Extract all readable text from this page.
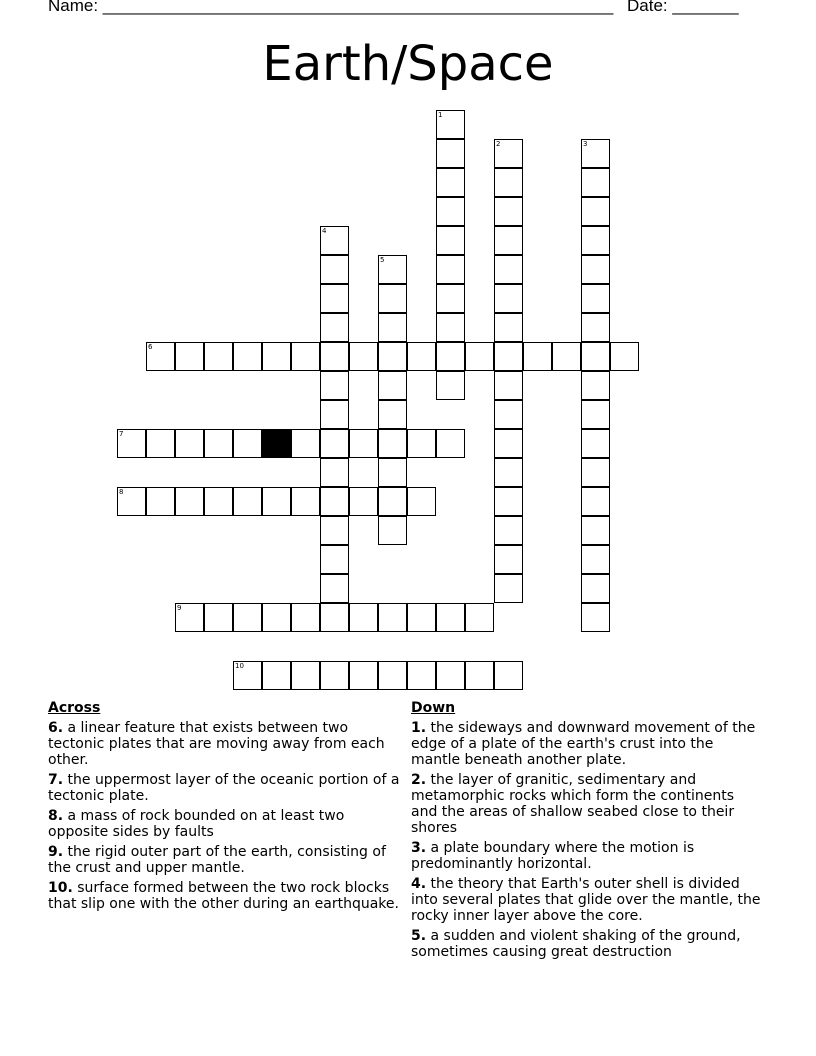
Name: ______________________________________________________ Date: _______
Earth/Space
1
2	3
4
5
6
7
8
9
10
Across
6. a linear feature that exists between two tectonic plates that are moving away from each other.
7. the uppermost layer of the oceanic portion of a tectonic plate.
8. a mass of rock bounded on at least two opposite sides by faults
9. the rigid outer part of the earth, consisting of the crust and upper mantle.
10. surface formed between the two rock blocks that slip one with the other during an earthquake.
Down
1. the sideways and downward movement of the edge of a plate of the earth's crust into the mantle beneath another plate.
2. the layer of granitic, sedimentary and metamorphic rocks which form the continents and the areas of shallow seabed close to their shores
3. a plate boundary where the motion is predominantly horizontal.
4. the theory that Earth's outer shell is divided into several plates that glide over the mantle, the rocky inner layer above the core.
5. a sudden and violent shaking of the ground, sometimes causing great destruction
